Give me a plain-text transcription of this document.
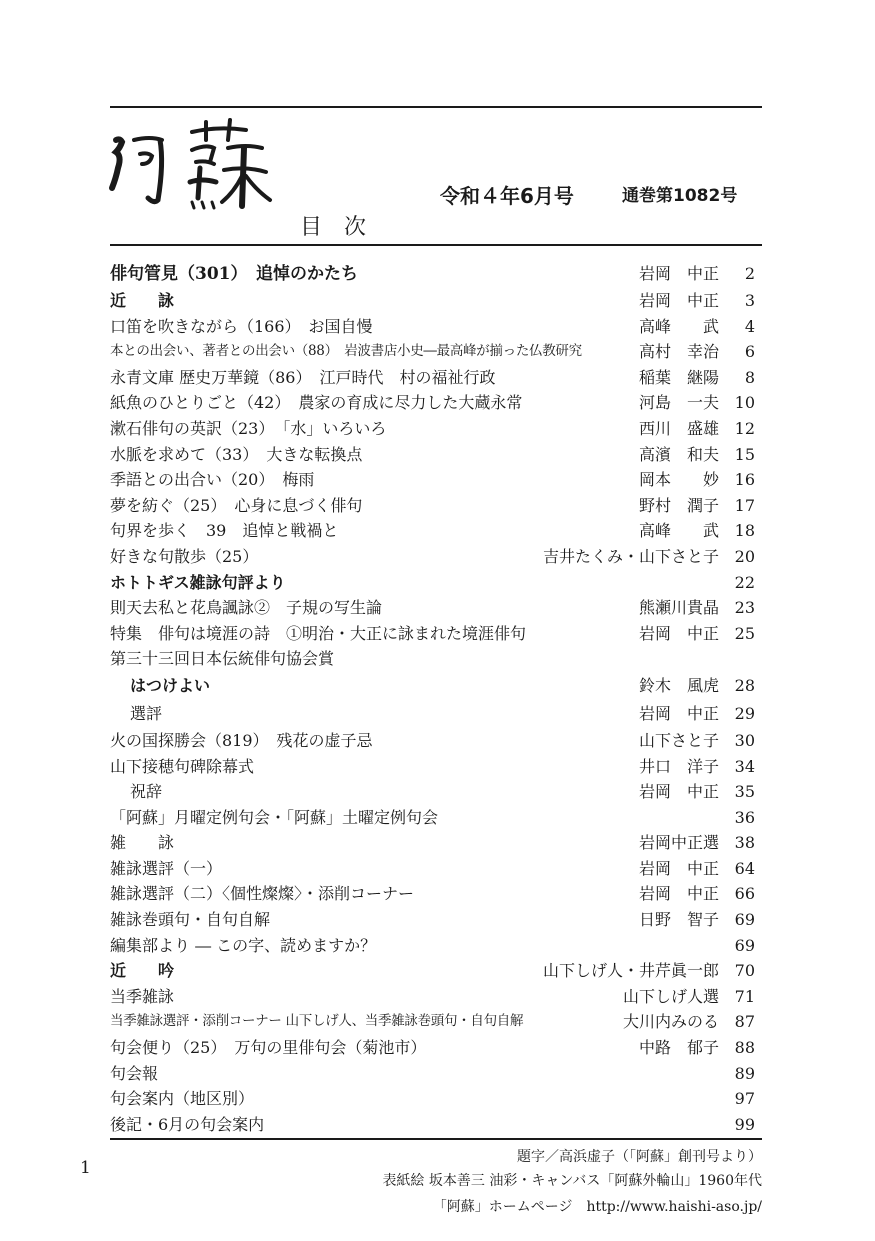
目次
令和４年6月号	通巻第1082号
俳句管見（301）　追悼のかたち	岩岡　中正	2
近　　詠	岩岡　中正	3
口笛を吹きながら（166）　お国自慢	高峰　　武	4
本との出会い、著者との出会い（88）　岩波書店小史―最高峰が揃った仏教研究	高村　幸治	6
永青文庫 歴史万華鏡（86）　江戸時代　村の福祉行政	稲葉　継陽	8
紙魚のひとりごと（42）　農家の育成に尽力した大蔵永常	河島　一夫 10
漱石俳句の英訳（23）　「水」いろいろ	西川　盛雄 12
水脈を求めて（33）　大きな転換点	高濱　和夫 15
季語との出合い（20）　梅雨	岡本　　妙 16
夢を紡ぐ（25）　心身に息づく俳句	野村　潤子 17
句界を歩く　39　追悼と戦禍と	高峰　　武 18
好きな句散歩（25）	吉井たくみ・山下さと子 20
ホトトギス雑詠句評より	22
則天去私と花鳥諷詠②　子規の写生論	熊瀬川貴晶 23
特集　俳句は境涯の詩　①明治・大正に詠まれた境涯俳句	岩岡　中正 25
第三十三回日本伝統俳句協会賞
はつけよい	鈴木　風虎 28
選評	岩岡　中正 29
火の国探勝会（819）　残花の虚子忌	山下さと子 30
山下接穂句碑除幕式	井口　洋子 34
祝辞	岩岡　中正 35
「阿蘇」月曜定例句会・「阿蘇」土曜定例句会	36
雑　　詠	岩岡中正選 38
雑詠選評（一）	岩岡　中正 64
雑詠選評（二）〈個性燦燦〉・添削コーナー	岩岡　中正 66
雑詠巻頭句・自句自解	日野　智子 69
編集部より ― この字、読めますか？	69
近　　吟	山下しげ人・井芹眞一郎 70
当季雑詠	山下しげ人選 71
当季雑詠選評・添削コーナー 山下しげ人、当季雑詠巻頭句・自句自解	大川内みのる 87
句会便り（25）　万句の里俳句会（菊池市）	中路　郁子 88
句会報	89
句会案内（地区別）	97
後記・6月の句会案内	99
1
題字／高浜虚子（「阿蘇」創刊号より）
表紙絵 坂本善三 油彩・キャンバス「阿蘇外輪山」1960年代
「阿蘇」ホームページ　http://www.haishi-aso.jp/
